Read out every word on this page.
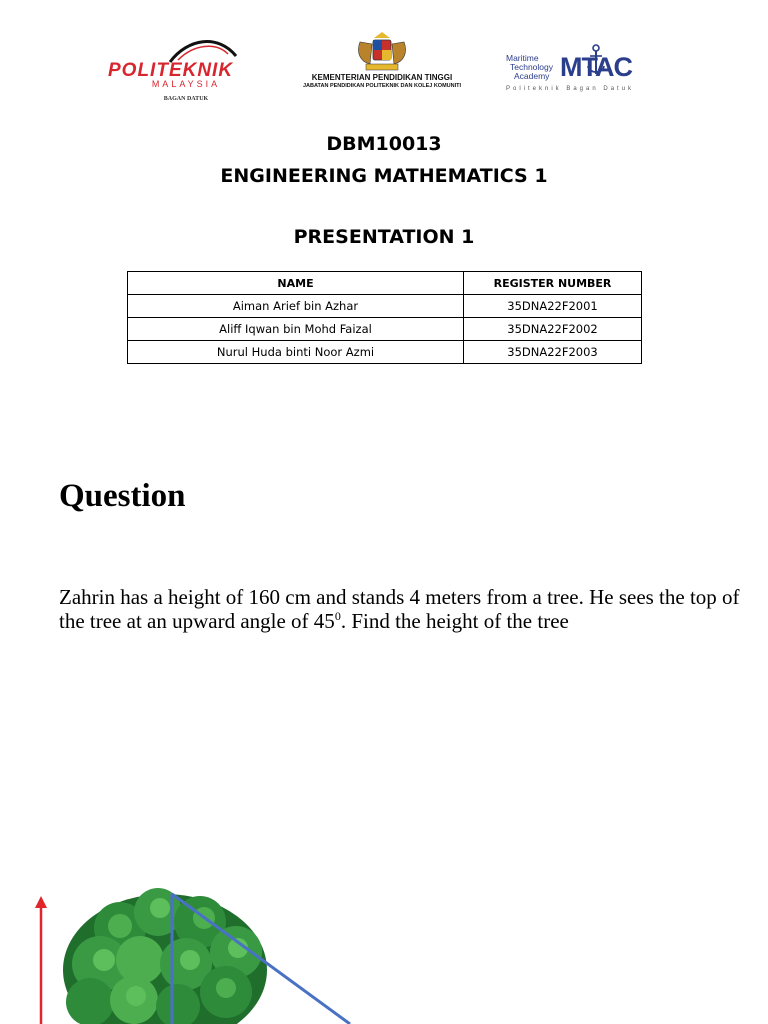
POLITEKNIK
MALAYSIA
BAGAN DATUK
KEMENTERIAN PENDIDIKAN TINGGI
JABATAN PENDIDIKAN POLITEKNIK DAN KOLEJ KOMUNITI
Maritime
Technology
Academy MTAC
Politeknik Bagan Datuk
DBM10013
ENGINEERING MATHEMATICS 1
PRESENTATION 1
NAME	REGISTER NUMBER
Aiman Arief bin Azhar	35DNA22F2001
Aliff Iqwan bin Mohd Faizal	35DNA22F2002
Nurul Huda binti Noor Azmi	35DNA22F2003
Question
Zahrin has a height of 160 cm and stands 4 meters from a tree. He sees the top of the tree at an upward angle of $45^0$. Find the height of the tree
